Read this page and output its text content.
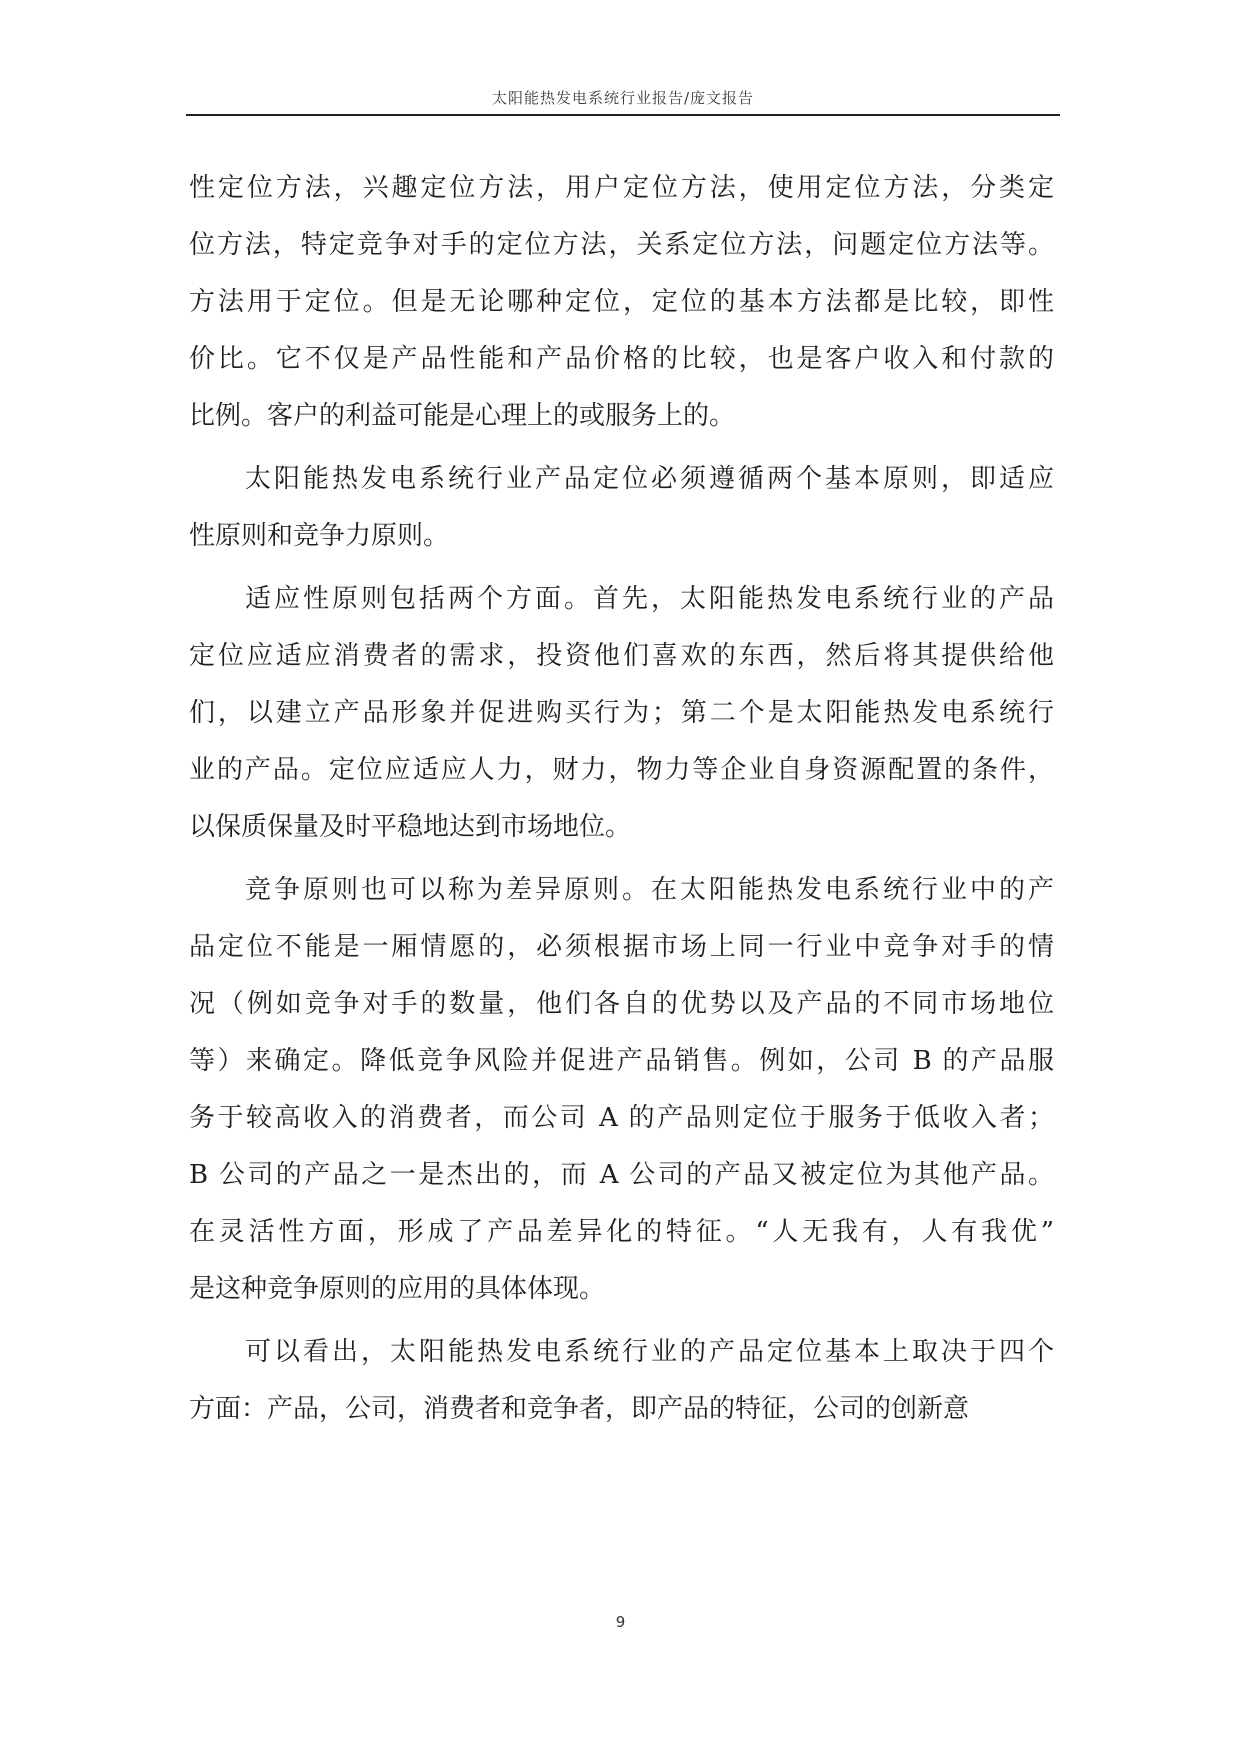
太阳能热发电系统行业报告/庞文报告
性定位方法，兴趣定位方法，用户定位方法，使用定位方法，分类定
位方法，特定竞争对手的定位方法，关系定位方法，问题定位方法等。
方法用于定位。但是无论哪种定位，定位的基本方法都是比较，即性
价比。它不仅是产品性能和产品价格的比较，也是客户收入和付款的
比例。客户的利益可能是心理上的或服务上的。
太阳能热发电系统行业产品定位必须遵循两个基本原则，即适应
性原则和竞争力原则。
适应性原则包括两个方面。首先，太阳能热发电系统行业的产品
定位应适应消费者的需求，投资他们喜欢的东西，然后将其提供给他
们，以建立产品形象并促进购买行为；第二个是太阳能热发电系统行
业的产品。定位应适应人力，财力，物力等企业自身资源配置的条件，
以保质保量及时平稳地达到市场地位。
竞争原则也可以称为差异原则。在太阳能热发电系统行业中的产
品定位不能是一厢情愿的，必须根据市场上同一行业中竞争对手的情
况（例如竞争对手的数量，他们各自的优势以及产品的不同市场地位
等）来确定。降低竞争风险并促进产品销售。例如，公司 B 的产品服
务于较高收入的消费者，而公司 A 的产品则定位于服务于低收入者；
B 公司的产品之一是杰出的，而 A 公司的产品又被定位为其他产品。
在灵活性方面，形成了产品差异化的特征。“人无我有，人有我优”
是这种竞争原则的应用的具体体现。
可以看出，太阳能热发电系统行业的产品定位基本上取决于四个
方面：产品，公司，消费者和竞争者，即产品的特征，公司的创新意
9
